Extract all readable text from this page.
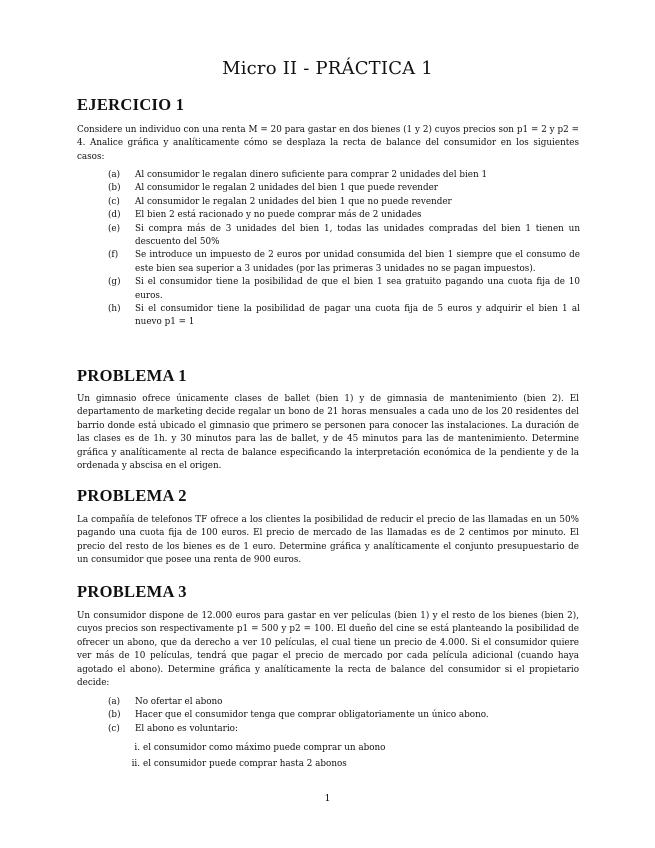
Micro II - PRÁCTICA 1
EJERCICIO 1
Considere un individuo con una renta M = 20 para gastar en dos bienes (1 y 2) cuyos precios son p1 = 2 y p2 = 4. Analice gráfica y analíticamente cómo se desplaza la recta de balance del consumidor en los siguientes casos:
(a) Al consumidor le regalan dinero suficiente para comprar 2 unidades del bien 1
(b) Al consumidor le regalan 2 unidades del bien 1 que puede revender
(c) Al consumidor le regalan 2 unidades del bien 1 que no puede revender
(d) El bien 2 está racionado y no puede comprar más de 2 unidades
(e) Si compra más de 3 unidades del bien 1, todas las unidades compradas del bien 1 tienen un descuento del 50%
(f) Se introduce un impuesto de 2 euros por unidad consumida del bien 1 siempre que el consumo de este bien sea superior a 3 unidades (por las primeras 3 unidades no se pagan impuestos).
(g) Si el consumidor tiene la posibilidad de que el bien 1 sea gratuito pagando una cuota fija de 10 euros.
(h) Si el consumidor tiene la posibilidad de pagar una cuota fija de 5 euros y adquirir el bien 1 al nuevo p1 = 1
PROBLEMA 1
Un gimnasio ofrece únicamente clases de ballet (bien 1) y de gimnasia de mantenimiento (bien 2). El departamento de marketing decide regalar un bono de 21 horas mensuales a cada uno de los 20 residentes del barrio donde está ubicado el gimnasio que primero se personen para conocer las instalaciones. La duración de las clases es de 1h. y 30 minutos para las de ballet, y de 45 minutos para las de mantenimiento. Determine gráfica y analíticamente al recta de balance especificando la interpretación económica de la pendiente y de la ordenada y abscisa en el origen.
PROBLEMA 2
La compañía de telefonos TF ofrece a los clientes la posibilidad de reducir el precio de las llamadas en un 50% pagando una cuota fija de 100 euros. El precio de mercado de las llamadas es de 2 centimos por minuto. El precio del resto de los bienes es de 1 euro. Determine gráfica y analíticamente el conjunto presupuestario de un consumidor que posee una renta de 900 euros.
PROBLEMA 3
Un consumidor dispone de 12.000 euros para gastar en ver películas (bien 1) y el resto de los bienes (bien 2), cuyos precios son respectivamente p1 = 500 y p2 = 100. El dueño del cine se está planteando la posibilidad de ofrecer un abono, que da derecho a ver 10 películas, el cual tiene un precio de 4.000. Si el consumidor quiere ver más de 10 películas, tendrá que pagar el precio de mercado por cada película adicional (cuando haya agotado el abono). Determine gráfica y analíticamente la recta de balance del consumidor si el propietario decide:
(a) No ofertar el abono
(b) Hacer que el consumidor tenga que comprar obligatoriamente un único abono.
(c) El abono es voluntario:
i. el consumidor como máximo puede comprar un abono
ii. el consumidor puede comprar hasta 2 abonos
1
